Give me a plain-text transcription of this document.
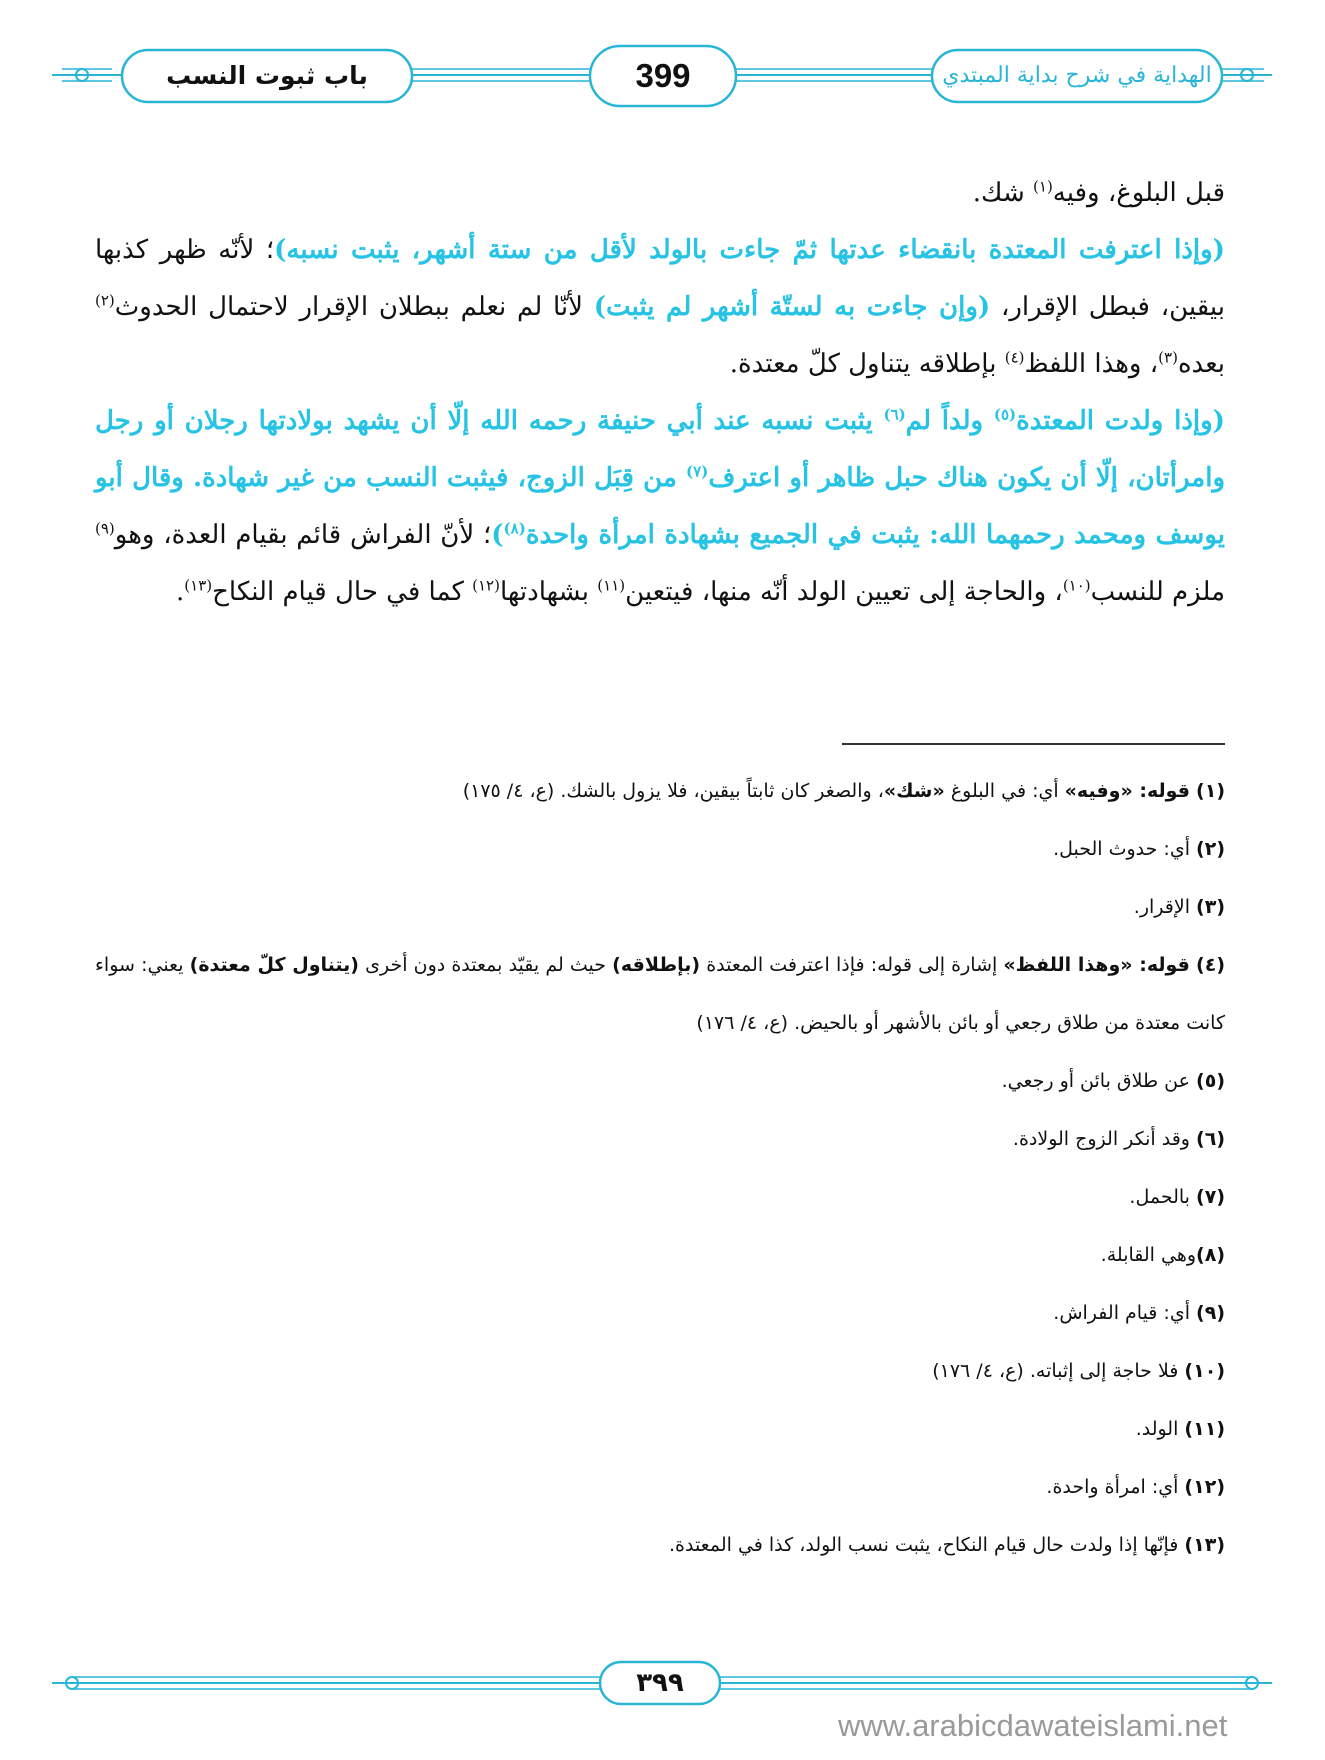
باب ثبوت النسب	399	الهداية في شرح بداية المبتدي

قبل البلوغ، وفيه$^{(١)}$ شك.

(وإذا اعترفت المعتدة بانقضاء عدتها ثمّ جاءت بالولد لأقل من ستة أشهر، يثبت نسبه)؛ لأنّه ظهر كذبها بيقين، فبطل الإقرار، (وإن جاءت به لستّة أشهر لم يثبت) لأنّا لم نعلم ببطلان الإقرار لاحتمال الحدوث$^{(٢)}$ بعده$^{(٣)}$، وهذا اللفظ$^{(٤)}$ بإطلاقه يتناول كلّ معتدة.

(وإذا ولدت المعتدة$^{(٥)}$ ولداً لم$^{(٦)}$ يثبت نسبه عند أبي حنيفة رحمه الله إلّا أن يشهد بولادتها رجلان أو رجل وامرأتان، إلّا أن يكون هناك حبل ظاهر أو اعترف$^{(٧)}$ من قِبَل الزوج، فيثبت النسب من غير شهادة. وقال أبو يوسف ومحمد رحمهما الله: يثبت في الجميع بشهادة امرأة واحدة$^{(٨)}$)؛ لأنّ الفراش قائم بقيام العدة، وهو$^{(٩)}$ ملزم للنسب$^{(١٠)}$، والحاجة إلى تعيين الولد أنّه منها، فيتعين$^{(١١)}$ بشهادتها$^{(١٢)}$ كما في حال قيام النكاح$^{(١٣)}$.

(١) قوله: «وفيه» أي: في البلوغ «شك»، والصغر كان ثابتاً بيقين، فلا يزول بالشك. (ع، ٤/ ١٧٥)

(٢) أي: حدوث الحبل.

(٣) الإقرار.

(٤) قوله: «وهذا اللفظ» إشارة إلى قوله: فإذا اعترفت المعتدة (بإطلاقه) حيث لم يقيّد بمعتدة دون أخرى (يتناول كلّ معتدة) يعني: سواء كانت معتدة من طلاق رجعي أو بائن بالأشهر أو بالحيض. (ع، ٤/ ١٧٦)

(٥) عن طلاق بائن أو رجعي.

(٦) وقد أنكر الزوج الولادة.

(٧) بالحمل.

(٨)وهي القابلة.

(٩) أي: قيام الفراش.

(١٠) فلا حاجة إلى إثباته. (ع، ٤/ ١٧٦)

(١١) الولد.

(١٢) أي: امرأة واحدة.

(١٣) فإنّها إذا ولدت حال قيام النكاح، يثبت نسب الولد، كذا في المعتدة.

٣٩٩
www.arabicdawateislami.net
